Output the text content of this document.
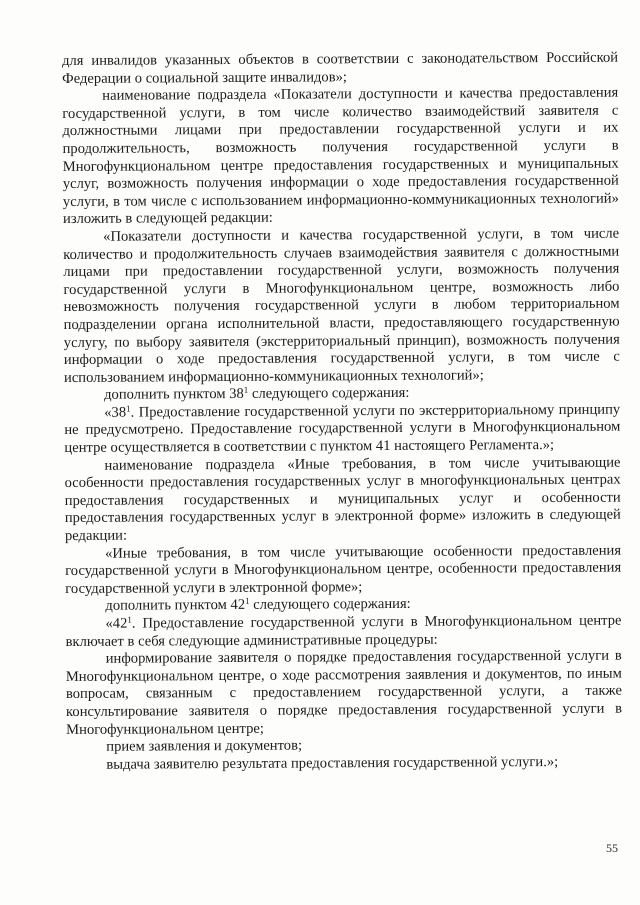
для инвалидов указанных объектов в соответствии с законодательством Российской Федерации о социальной защите инвалидов»;

наименование подраздела «Показатели доступности и качества предоставления государственной услуги, в том числе количество взаимодействий заявителя с должностными лицами при предоставлении государственной услуги и их продолжительность, возможность получения государственной услуги в Многофункциональном центре предоставления государственных и муниципальных услуг, возможность получения информации о ходе предоставления государственной услуги, в том числе с использованием информационно-коммуникационных технологий» изложить в следующей редакции:

«Показатели доступности и качества государственной услуги, в том числе количество и продолжительность случаев взаимодействия заявителя с должностными лицами при предоставлении государственной услуги, возможность получения государственной услуги в Многофункциональном центре, возможность либо невозможность получения государственной услуги в любом территориальном подразделении органа исполнительной власти, предоставляющего государственную услугу, по выбору заявителя (экстерриториальный принцип), возможность получения информации о ходе предоставления государственной услуги, в том числе с использованием информационно-коммуникационных технологий»;

дополнить пунктом $38^1$ следующего содержания:

«$38^1$. Предоставление государственной услуги по экстерриториальному принципу не предусмотрено. Предоставление государственной услуги в Многофункциональном центре осуществляется в соответствии с пунктом 41 настоящего Регламента.»;

наименование подраздела «Иные требования, в том числе учитывающие особенности предоставления государственных услуг в многофункциональных центрах предоставления государственных и муниципальных услуг и особенности предоставления государственных услуг в электронной форме» изложить в следующей редакции:

«Иные требования, в том числе учитывающие особенности предоставления государственной услуги в Многофункциональном центре, особенности предоставления государственной услуги в электронной форме»;

дополнить пунктом $42^1$ следующего содержания:

«$42^1$. Предоставление государственной услуги в Многофункциональном центре включает в себя следующие административные процедуры:

информирование заявителя о порядке предоставления государственной услуги в Многофункциональном центре, о ходе рассмотрения заявления и документов, по иным вопросам, связанным с предоставлением государственной услуги, а также консультирование заявителя о порядке предоставления государственной услуги в Многофункциональном центре;

прием заявления и документов;

выдача заявителю результата предоставления государственной услуги.»;

55
